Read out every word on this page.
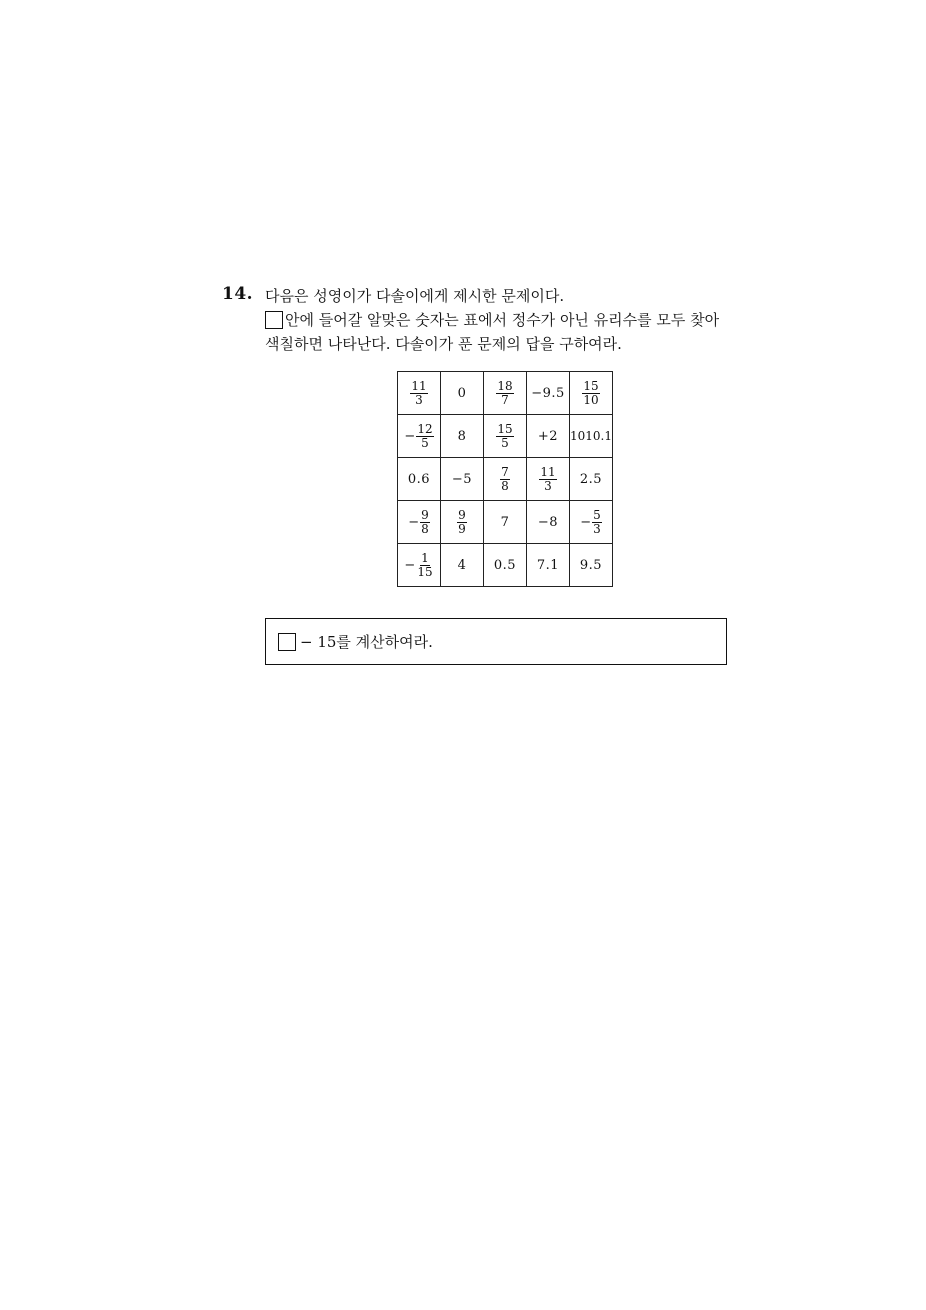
14. 다음은 성영이가 다솔이에게 제시한 문제이다.
안에 들어갈 알맞은 숫자는 표에서 정수가 아닌 유리수를 모두 찾아
색칠하면 나타난다. 다솔이가 푼 문제의 답을 구하여라.
$\frac{11}{3}$	0	$\frac{18}{7}$	−9.5	$\frac{15}{10}$

− $\frac{12}{5}$	8	$\frac{15}{5}$	+2	1010.1
0.6	−5	$\frac{7}{8}$	$\frac{11}{3}$	2.5
− $\frac{9}{8}$	$\frac{9}{9}$	7	−8	− $\frac{5}{3}$

− $\frac{1}{15}$	4	0.5	7.1	9.5
− 15를 계산하여라.
